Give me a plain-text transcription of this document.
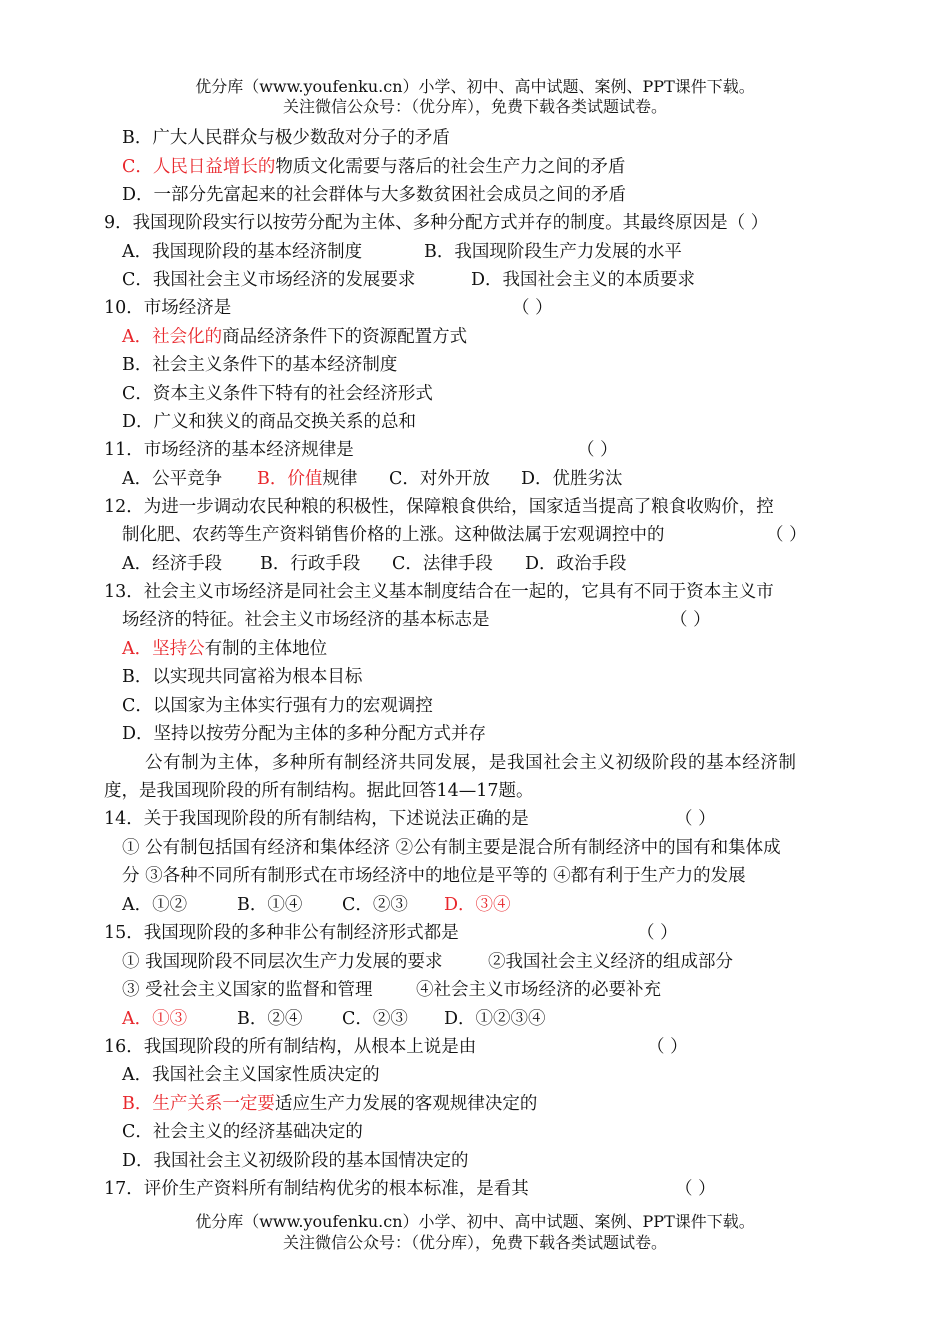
优分库（www.youfenku.cn）小学、初中、高中试题、案例、PPT课件下载。
关注微信公众号：（优分库），免费下载各类试题试卷。
B．广大人民群众与极少数敌对分子的矛盾
C．人民日益增长的物质文化需要与落后的社会生产力之间的矛盾
D．一部分先富起来的社会群体与大多数贫困社会成员之间的矛盾
9．我国现阶段实行以按劳分配为主体、多种分配方式并存的制度。其最终原因是（ ）
A．我国现阶段的基本经济制度	B．我国现阶段生产力发展的水平
C．我国社会主义市场经济的发展要求	D．我国社会主义的本质要求
10．市场经济是	（ ）
A．社会化的商品经济条件下的资源配置方式
B．社会主义条件下的基本经济制度
C．资本主义条件下特有的社会经济形式
D．广义和狭义的商品交换关系的总和
11．市场经济的基本经济规律是	（ ）
A．公平竞争 B．价值规律 C．对外开放 D．优胜劣汰
12．为进一步调动农民种粮的积极性，保障粮食供给，国家适当提高了粮食收购价，控
制化肥、农药等生产资料销售价格的上涨。这种做法属于宏观调控中的	（ ）
A．经济手段 B．行政手段 C．法律手段 D．政治手段
13．社会主义市场经济是同社会主义基本制度结合在一起的，它具有不同于资本主义市
场经济的特征。社会主义市场经济的基本标志是	（ ）
A．坚持公有制的主体地位
B．以实现共同富裕为根本目标
C．以国家为主体实行强有力的宏观调控
D．坚持以按劳分配为主体的多种分配方式并存
公有制为主体，多种所有制经济共同发展，是我国社会主义初级阶段的基本经济制
度，是我国现阶段的所有制结构。据此回答14—17题。
14．关于我国现阶段的所有制结构，下述说法正确的是	（ ）
① 公有制包括国有经济和集体经济 ②公有制主要是混合所有制经济中的国有和集体成
分 ③各种不同所有制形式在市场经济中的地位是平等的 ④都有利于生产力的发展
A．①②	B．①④ C．②③ D．③④
15．我国现阶段的多种非公有制经济形式都是	（ ）
① 我国现阶段不同层次生产力发展的要求	②我国社会主义经济的组成部分
③ 受社会主义国家的监督和管理 ④社会主义市场经济的必要补充
A．①③	B．②④ C．②③ D．①②③④
16．我国现阶段的所有制结构，从根本上说是由	（ ）
A．我国社会主义国家性质决定的
B．生产关系一定要适应生产力发展的客观规律决定的
C．社会主义的经济基础决定的
D．我国社会主义初级阶段的基本国情决定的
17．评价生产资料所有制结构优劣的根本标准，是看其	（ ）
优分库（www.youfenku.cn）小学、初中、高中试题、案例、PPT课件下载。
关注微信公众号：（优分库），免费下载各类试题试卷。
